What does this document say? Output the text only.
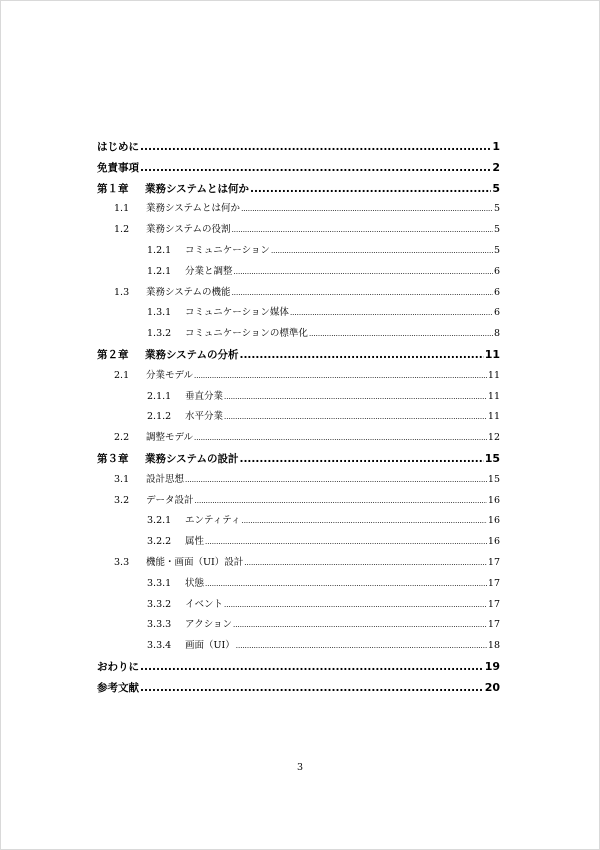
はじめに .....	1
免責事項 .....	2
第１章	業務システムとは何か .....	5
1.1	業務システムとは何か .....	5
1.2	業務システムの役割 .....	5
1.2.1	コミュニケーション .....	5
1.2.1	分業と調整 .....	6
1.3	業務システムの機能 .....	6
1.3.1	コミュニケーション媒体 .....	6
1.3.2	コミュニケーションの標準化 .....	8
第２章	業務システムの分析 .....	11
2.1	分業モデル .....	11
2.1.1	垂直分業 .....	11
2.1.2	水平分業 .....	11
2.2	調整モデル .....	12
第３章	業務システムの設計 .....	15
3.1	設計思想 .....	15
3.2	データ設計 .....	16
3.2.1	エンティティ .....	16
3.2.2	属性 .....	16
3.3	機能・画面（UI）設計 .....	17
3.3.1	状態 .....	17
3.3.2	イベント .....	17
3.3.3	アクション .....	17
3.3.4	画面（UI） .....	18
おわりに .....	19
参考文献 .....	20
3
